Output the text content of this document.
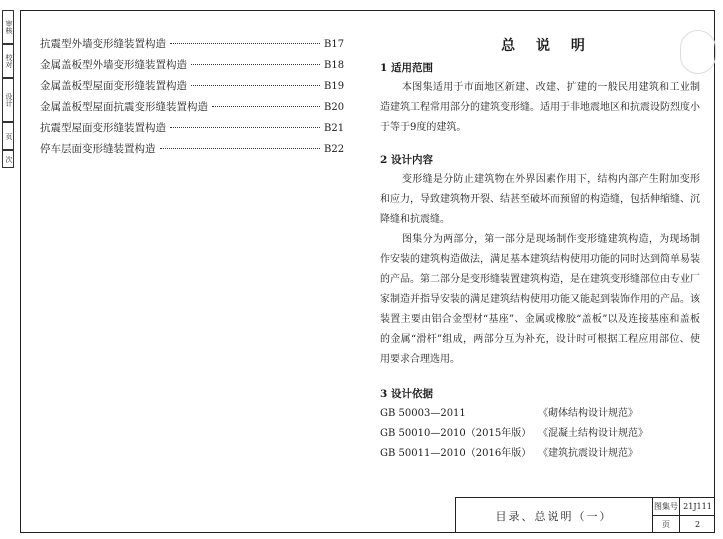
审核
校对
设计
页
次
抗震型外墙变形缝装置构造	B17
金属盖板型外墙变形缝装置构造	B18
金属盖板型屋面变形缝装置构造	B19
金属盖板型屋面抗震变形缝装置构造	B20
抗震型屋面变形缝装置构造	B21
停车层面变形缝装置构造	B22
总 说 明
1 适用范围
本图集适用于市面地区新建、改建、扩建的一般民用建筑和工业制造建筑工程常用部分的建筑变形缝。适用于非地震地区和抗震设防烈度小于等于9度的建筑。
2 设计内容
变形缝是分防止建筑物在外界因素作用下，结构内部产生附加变形和应力，导致建筑物开裂、结甚至破坏而预留的构造缝，包括伸缩缝、沉降缝和抗震缝。
图集分为两部分，第一部分是现场制作变形缝建筑构造，为现场制作安装的建筑构造做法，满足基本建筑结构使用功能的同时达到简单易装的产品。第二部分是变形缝装置建筑构造，是在建筑变形缝部位由专业厂家制造并指导安装的满足建筑结构使用功能又能起到装饰作用的产品。该装置主要由铝合金型材“基座”、金属或橡胶“盖板”以及连接基座和盖板的金属“滑杆”组成，两部分互为补充，设计时可根据工程应用部位、使用要求合理选用。
3 设计依据
GB 50003—2011	《砌体结构设计规范》
GB 50010—2010（2015年版） 《混凝土结构设计规范》
GB 50011—2010（2016年版） 《建筑抗震设计规范》
目录、总说明（一）
图集号 21J111
页	2
